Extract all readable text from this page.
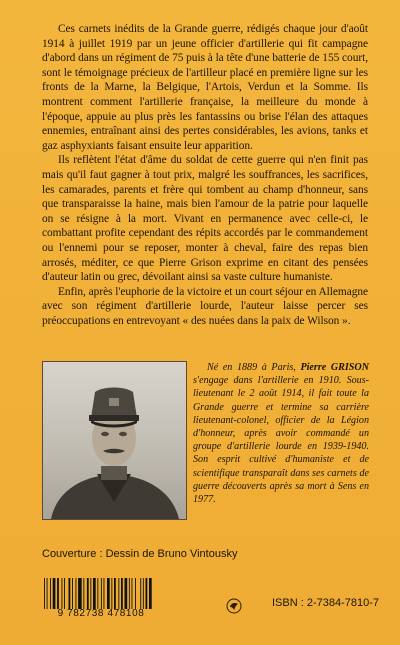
Ces carnets inédits de la Grande guerre, rédigés chaque jour d'août 1914 à juillet 1919 par un jeune officier d'artillerie qui fit campagne d'abord dans un régiment de 75 puis à la tête d'une batterie de 155 court, sont le témoignage précieux de l'artilleur placé en première ligne sur les fronts de la Marne, la Belgique, l'Artois, Verdun et la Somme. Ils montrent comment l'artillerie française, la meilleure du monde à l'époque, appuie au plus près les fantassins ou brise l'élan des attaques ennemies, entraînant ainsi des pertes considérables, les avions, tanks et gaz asphyxiants faisant ensuite leur apparition.

Ils reflètent l'état d'âme du soldat de cette guerre qui n'en finit pas mais qu'il faut gagner à tout prix, malgré les souffrances, les sacrifices, les camarades, parents et frère qui tombent au champ d'honneur, sans que transparaisse la haine, mais bien l'amour de la patrie pour laquelle on se résigne à la mort. Vivant en permanence avec celle-ci, le combattant profite cependant des répits accordés par le commandement ou l'ennemi pour se reposer, monter à cheval, faire des repas bien arrosés, méditer, ce que Pierre Grison exprime en citant des pensées d'auteur latin ou grec, dévoilant ainsi sa vaste culture humaniste.

Enfin, après l'euphorie de la victoire et un court séjour en Allemagne avec son régiment d'artillerie lourde, l'auteur laisse percer ses préoccupations en entrevoyant « des nuées dans la paix de Wilson ».

Né en 1889 à Paris, Pierre GRISON s'engage dans l'artillerie en 1910. Sous-lieutenant le 2 août 1914, il fait toute la Grande guerre et termine sa carrière lieutenant-colonel, officier de la Légion d'honneur, après avoir commandé un groupe d'artillerie lourde en 1939-1940. Son esprit cultivé d'humaniste et de scientifique transparaît dans ses carnets de guerre découverts après sa mort à Sens en 1977.

Couverture : Dessin de Bruno Vintousky
9 782738 478108
ISBN : 2-7384-7810-7
